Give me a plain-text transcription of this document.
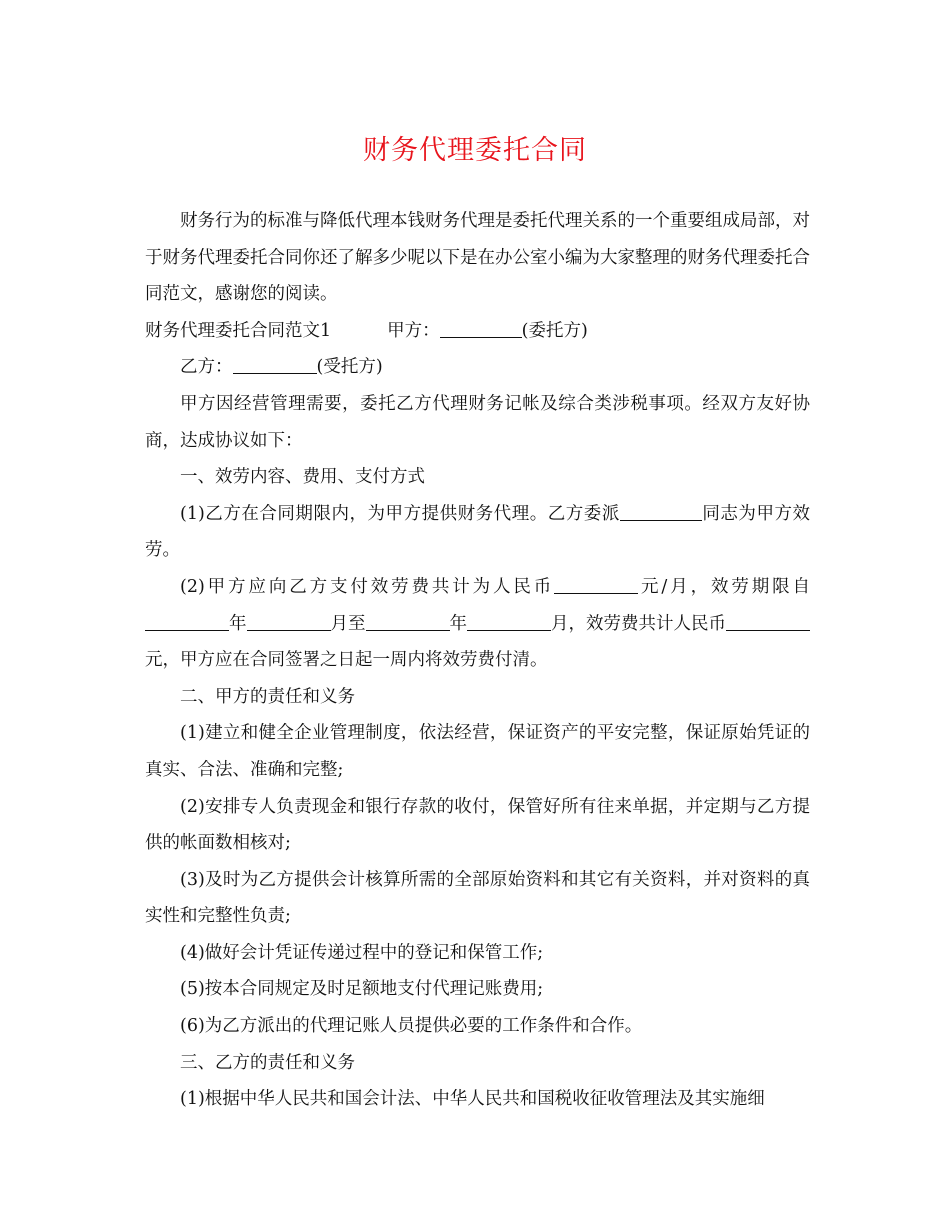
财务代理委托合同

财务行为的标准与降低代理本钱财务代理是委托代理关系的一个重要组成局部，对于财务代理委托合同你还了解多少呢以下是在办公室小编为大家整理的财务代理委托合同范文，感谢您的阅读。

财务代理委托合同范文1	甲方：	(委托方)

乙方：	(受托方)

甲方因经营管理需要，委托乙方代理财务记帐及综合类涉税事项。经双方友好协商，达成协议如下：

一、效劳内容、费用、支付方式

(1)乙方在合同期限内，为甲方提供财务代理。乙方委派	同志为甲方效劳。

(2)甲方应向乙方支付效劳费共计为人民币	元/月，效劳期限自年	月至	年	月，效劳费共计人民币元，甲方应在合同签署之日起一周内将效劳费付清。

二、甲方的责任和义务

(1)建立和健全企业管理制度，依法经营，保证资产的平安完整，保证原始凭证的真实、合法、准确和完整;

(2)安排专人负责现金和银行存款的收付，保管好所有往来单据，并定期与乙方提供的帐面数相核对;

(3)及时为乙方提供会计核算所需的全部原始资料和其它有关资料，并对资料的真实性和完整性负责;

(4)做好会计凭证传递过程中的登记和保管工作;

(5)按本合同规定及时足额地支付代理记账费用;

(6)为乙方派出的代理记账人员提供必要的工作条件和合作。

三、乙方的责任和义务

(1)根据中华人民共和国会计法、中华人民共和国税收征收管理法及其实施细
